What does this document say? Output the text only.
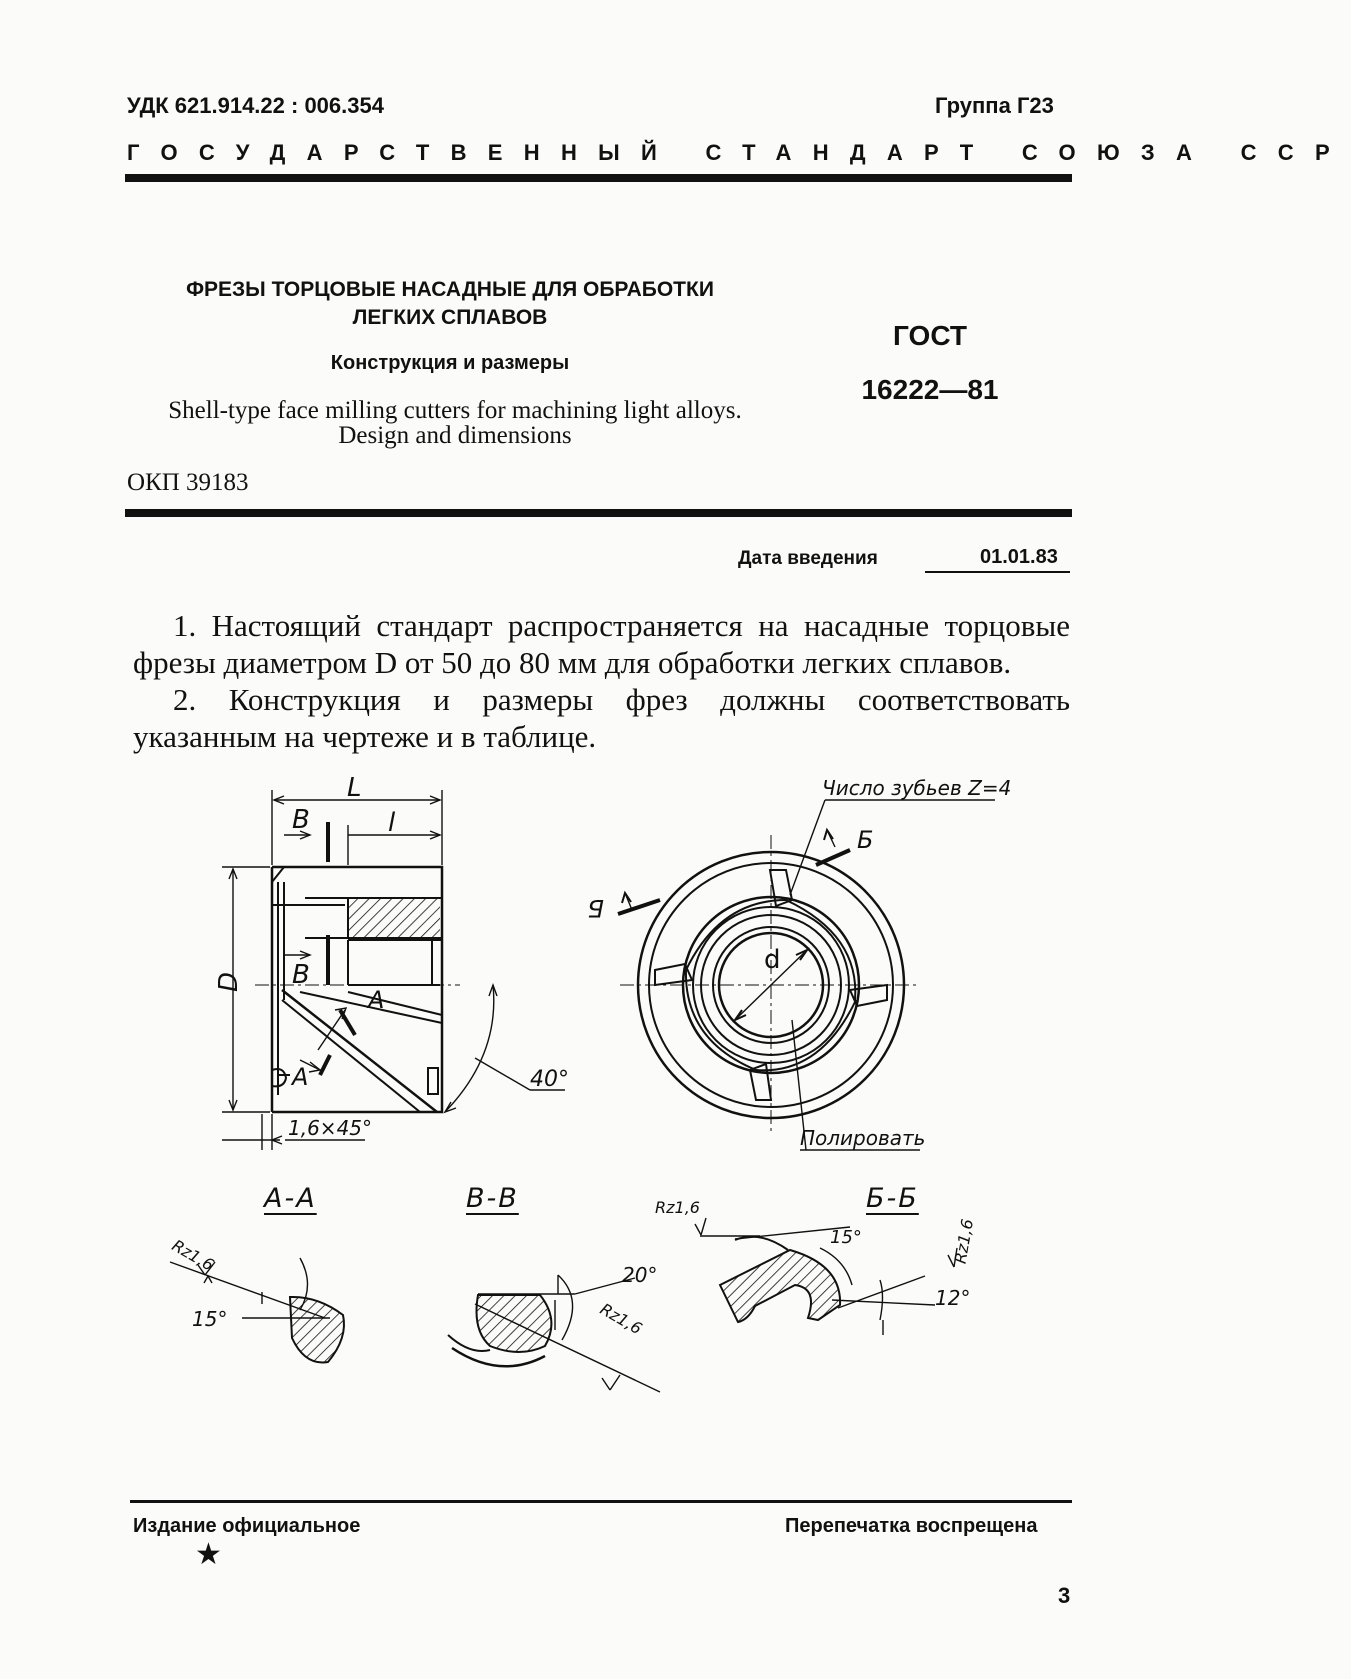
УДК 621.914.22 : 006.354	Группа Г23
ГОСУДАРСТВЕННЫЙ СТАНДАРТ СОЮЗА ССР
ФРЕЗЫ ТОРЦОВЫЕ НАСАДНЫЕ ДЛЯ ОБРАБОТКИ
ЛЕГКИХ СПЛАВОВ
Конструкция и размеры
Shell-type face milling cutters for machining light alloys.
Design and dimensions
ОКП 39183
ГОСТ
16222—81
Дата введения	01.01.83

1. Настоящий стандарт распространяется на насадные торцовые фрезы диаметром D от 50 до 80 мм для обработки легких сплавов.

2. Конструкция и размеры фрез должны соответствовать указанным на чертеже и в таблице.

L
l
B
B
D
A
A	40°
1,6×45°
Число зубьев Z=4
Б
Б
d
Полировать
Rz1,6
15°
20°
Rz1,6
Rz1,6
15°	Rz1,6
12°
А-А	В-В	Б-Б
Издание официальное
★
Перепечатка воспрещена
3
